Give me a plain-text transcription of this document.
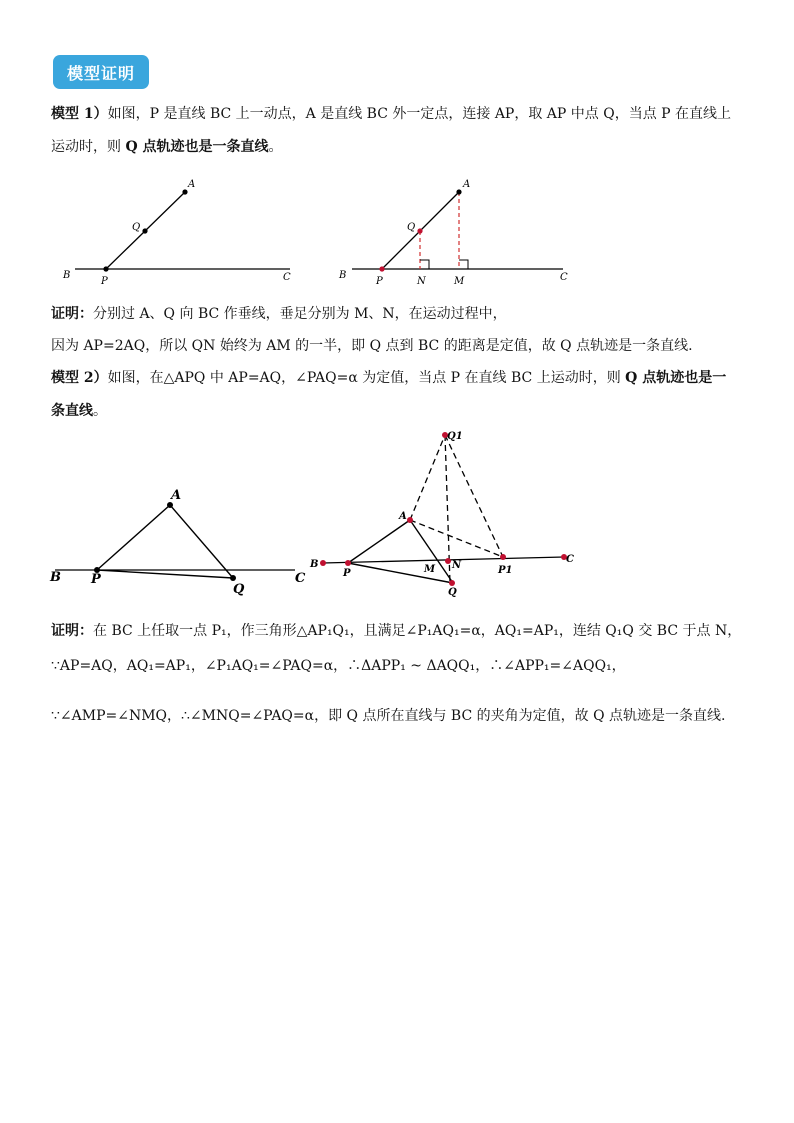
模型证明
模型 1）如图，P 是直线 BC 上一动点，A 是直线 BC 外一定点，连接 AP，取 AP 中点 Q，当点 P 在直线上
运动时，则 Q 点轨迹也是一条直线。
A
Q
B
P	C
A
Q
B
P	N	M	C
证明：分别过 A、Q 向 BC 作垂线，垂足分别为 M、N，在运动过程中，
因为 AP=2AQ，所以 QN 始终为 AM 的一半，即 Q 点到 BC 的距离是定值，故 Q 点轨迹是一条直线.
模型 2）如图，在△APQ 中 AP=AQ，∠PAQ=α 为定值，当点 P 在直线 BC 上运动时，则 Q 点轨迹也是一
条直线。
A
B P
Q
C
Q1
A
B
P	M N	P1
Q
C
证明：在 BC 上任取一点 P₁，作三角形△AP₁Q₁，且满足∠P₁AQ₁=α，AQ₁=AP₁，连结 Q₁Q 交 BC 于点 N，
∵AP=AQ，AQ₁=AP₁，∠P₁AQ₁=∠PAQ=α，∴ΔAPP₁ ~ ΔAQQ₁，∴∠APP₁=∠AQQ₁，
∵∠AMP=∠NMQ，∴∠MNQ=∠PAQ=α，即 Q 点所在直线与 BC 的夹角为定值，故 Q 点轨迹是一条直线.
